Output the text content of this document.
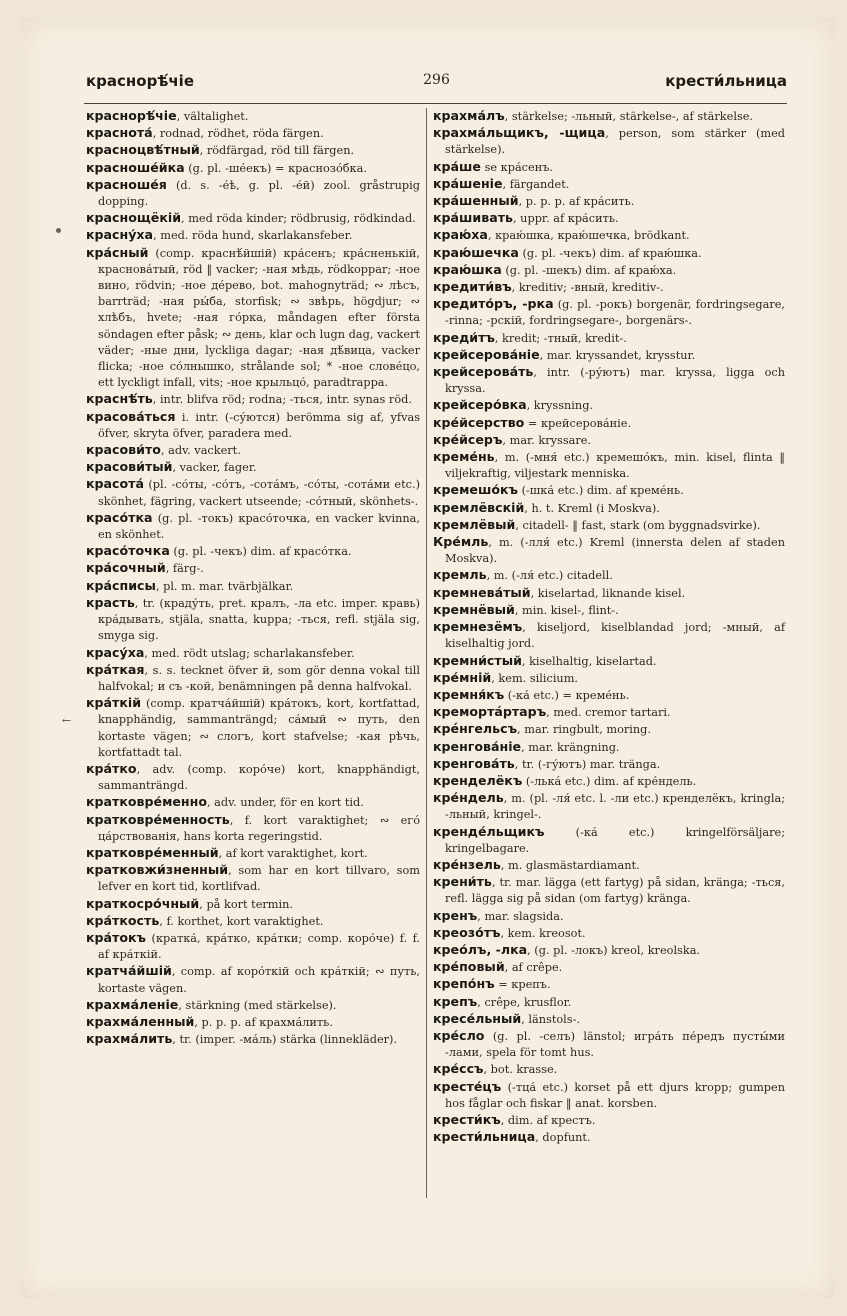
краснорѣ́чіе	296	крести́льница
←

краснорѣ́чіе, vältalighet.

краснота́, rodnad, rödhet, röda färgen.

красноцвѣ́тный, rödfärgad, röd till färgen.

красноше́йка (g. pl. -ше́екъ) = краснозо́бка.

красноше́я (d. s. -е́ѣ, g. pl. -е́й) zool. gråstrupig dopping.

краснощёкій, med röda kinder; rödbrusig, rödkindad.

красну́ха, med. röda hund, skarlakansfeber.

кра́сный (comp. краснѣ́йшій) кра́сенъ; кра́сненькій, красновáтый, röd ‖ vacker; -ная мѣдь, rödkoppar; -ное вино, rödvin; -ное де́рево, bot. mahognyträd; ∾ лѣсъ, barrträd; -ная ры́ба, storfisk; ∾ звѣрь, högdjur; ∾ хлѣбъ, hvete; -ная го́рка, måndagen efter första söndagen efter påsk; ∾ день, klar och lugn dag, vackert väder; -ные дни, lyckliga dagar; -ная дѣ́вица, vacker flicka; -ное со́лнышко, strålande sol; * -ное слове́цо, ett lyckligt infall, vits; -ное крыльцо́, paradtrappa.

краснѣ́ть, intr. blifva röd; rodna; -ться, intr. synas röd.

красова́ться i. intr. (-су́ются) berömma sig af, yfvas öfver, skryta öfver, paradera med.

красови́то, adv. vackert.

красови́тый, vacker, fager.

красота́ (pl. -со́ты, -со́тъ, -сота́мъ, -со́ты, -сота́ми etc.) skönhet, fägring, vackert utseende; -со́тный, skönhets-.

красо́тка (g. pl. -токъ) красо́точка, en vacker kvinna, en skönhet.

красо́точка (g. pl. -чекъ) dim. af красо́тка.

кра́сочный, färg-.

кра́списы, pl. m. mar. tvärbjälkar.

красть, tr. (краду́ть, pret. кралъ, -ла etc. imper. кравь) кра́дывать, stjäla, snatta, kuppa; -ться, refl. stjäla sig, smyga sig.

красу́ха, med. rödt utslag; scharlakansfeber.

кра́ткая, s. s. tecknet öfver й, som gör denna vokal till halfvokal; и съ -кой, benämningen på denna halfvokal.

кра́ткій (comp. кратча́йшій) кра́токъ, kort, kortfattad, knapphändig, sammanträngd; са́мый ∾ путь, den kortaste vägen; ∾ слогъ, kort stafvelse; -кая рѣчь, kortfattadt tal.

кра́тко, adv. (comp. коро́че) kort, knapphändigt, sammanträngd.

кратковре́менно, adv. under, för en kort tid.

кратковре́менность, f. kort varaktighet; ∾ его́ ца́рствованія, hans korta regeringstid.

кратковре́менный, af kort varaktighet, kort.

кратковжи́зненный, som har en kort tillvaro, som lefver en kort tid, kortlifvad.

краткосро́чный, på kort termin.

кра́ткость, f. korthet, kort varaktighet.

кра́токъ (кратка́, кра́тко, кра́тки; comp. коро́че) f. f. af кра́ткій.

кратча́йшій, comp. af коро́ткій och кра́ткій; ∾ путь, kortaste vägen.

крахма́леніе, stärkning (med stärkelse).

крахма́ленный, p. p. p. af крахма́лить.

крахма́лить, tr. (imper. -ма́ль) stärka (linnekläder).

крахма́лъ, stärkelse; -льный, stärkelse-, af stärkelse.

крахма́льщикъ, -щица, person, som stärker (med stärkelse).

кра́ше se кра́сенъ.

кра́шеніе, färgandet.

кра́шенный, p. p. p. af кра́сить.

кра́шивать, uppr. af кра́сить.

краю́ха, краю́шка, краю́шечка, brödkant.

краю́шечка (g. pl. -чекъ) dim. af краю́шка.

краю́шка (g. pl. -шекъ) dim. af краю́ха.

кредити́въ, kreditiv; -вный, kreditiv-.

кредито́ръ, -рка (g. pl. -рокъ) borgenär, fordringsegare, -rinna; -рскій, fordringsegare-, borgenärs-.

креди́тъ, kredit; -тный, kredit-.

крейсерова́ніе, mar. kryssandet, krysstur.

крейсерова́ть, intr. (-ру́ютъ) mar. kryssa, ligga och kryssa.

крейсеро́вка, kryssning.

кре́йсерство = крейсерова́ніе.

кре́йсеръ, mar. kryssare.

креме́нь, m. (-мня́ etc.) кремешо́къ, min. kisel, flinta ‖ viljekraftig, viljestark menniska.

кремешо́къ (-шка́ etc.) dim. af креме́нь.

кремлёвскій, h. t. Kreml (i Moskva).

кремлёвый, citadell- ‖ fast, stark (om byggnadsvirke).

Кре́мль, m. (-лля́ etc.) Kreml (innersta delen af staden Moskva).

кремль, m. (-ля́ etc.) citadell.

кремнева́тый, kiselartad, liknande kisel.

кремнёвый, min. kisel-, flint-.

кремнезёмъ, kiseljord, kiselblandad jord; -мный, af kiselhaltig jord.

кремни́стый, kiselhaltig, kiselartad.

кре́мній, kem. silicium.

кремня́къ (-ка́ etc.) = креме́нь.

кремортáртаръ, med. cremor tartari.

крéнгельсъ, mar. ringbult, moring.

кренгова́ніе, mar. krängning.

кренгова́ть, tr. (-гу́ютъ) mar. tränga.

кренделёкъ (-лька́ etc.) dim. af кре́ндель.

кре́ндель, m. (pl. -ля́ etc. l. -ли etc.) кренделёкъ, kringla; -льный, kringel-.

кренде́льщикъ (-ка́ etc.) kringelförsäljare; kringelbagare.

кре́нзель, m. glasmästardiamant.

крени́ть, tr. mar. lägga (ett fartyg) på sidan, kränga; -ться, refl. lägga sig på sidan (om fartyg) kränga.

кренъ, mar. slagsida.

креозо́тъ, kem. kreosot.

крео́лъ, -лка, (g. pl. -локъ) kreol, kreolska.

кре́повый, af crêpe.

крепо́нъ = крепъ.

крепъ, crêpe, krusflor.

кресе́льный, länstols-.

кре́сло (g. pl. -селъ) länstol; игра́ть пе́редъ пусты́ми -лами, spela för tomt hus.

кре́ссъ, bot. krasse.

кресте́цъ (-тца́ etc.) korset på ett djurs kropp; gumpen hos fåglar och fiskar ‖ anat. korsben.

крести́къ, dim. af крестъ.

крести́льница, dopfunt.
